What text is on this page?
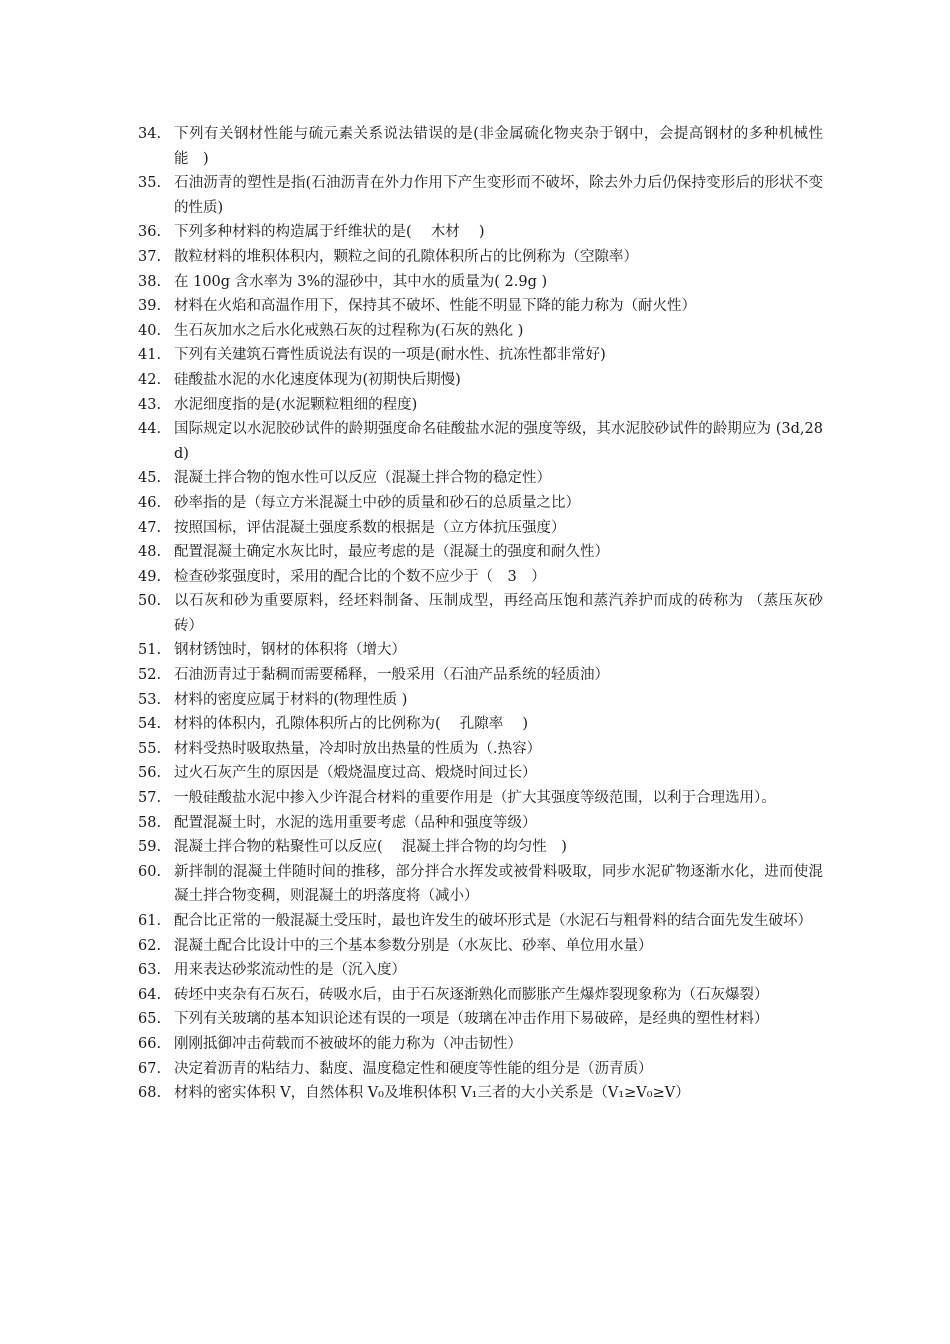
34. 下列有关钢材性能与硫元素关系说法错误的是(非金属硫化物夹杂于钢中，会提高钢材的多种机械性能　)
35. 石油沥青的塑性是指(石油沥青在外力作用下产生变形而不破坏，除去外力后仍保持变形后的形状不变的性质)
36. 下列多种材料的构造属于纤维状的是(　 木材　 )
37. 散粒材料的堆积体积内，颗粒之间的孔隙体积所占的比例称为（空隙率）
38. 在 100g 含水率为 3%的湿砂中，其中水的质量为( 2.9g )
39. 材料在火焰和高温作用下，保持其不破坏、性能不明显下降的能力称为（耐火性）
40. 生石灰加水之后水化戒熟石灰的过程称为(石灰的熟化 )
41. 下列有关建筑石膏性质说法有误的一项是(耐水性、抗冻性都非常好)
42. 硅酸盐水泥的水化速度体现为(初期快后期慢)
43. 水泥细度指的是(水泥颗粒粗细的程度)
44. 国际规定以水泥胶砂试件的龄期强度命名硅酸盐水泥的强度等级，其水泥胶砂试件的龄期应为 (3d,28d)
45. 混凝土拌合物的饱水性可以反应（混凝土拌合物的稳定性）
46. 砂率指的是（每立方米混凝土中砂的质量和砂石的总质量之比）
47. 按照国标，评估混凝土强度系数的根据是（立方体抗压强度）
48. 配置混凝土确定水灰比时，最应考虑的是（混凝土的强度和耐久性）
49. 检查砂浆强度时，采用的配合比的个数不应少于（　3　）
50. 以石灰和砂为重要原料，经坯料制备、压制成型，再经高压饱和蒸汽养护而成的砖称为 （蒸压灰砂砖）
51. 钢材锈蚀时，钢材的体积将（增大）
52. 石油沥青过于黏稠而需要稀释，一般采用（石油产品系统的轻质油）
53. 材料的密度应属于材料的(物理性质 )
54. 材料的体积内，孔隙体积所占的比例称为(　 孔隙率　 )
55. 材料受热时吸取热量，冷却时放出热量的性质为（.热容）
56. 过火石灰产生的原因是（煅烧温度过高、煅烧时间过长）
57. 一般硅酸盐水泥中掺入少许混合材料的重要作用是（扩大其强度等级范围，以利于合理选用）。
58. 配置混凝土时，水泥的选用重要考虑（品种和强度等级）
59. 混凝土拌合物的粘聚性可以反应(　 混凝土拌合物的均匀性　)
60. 新拌制的混凝土伴随时间的推移，部分拌合水挥发或被骨料吸取，同步水泥矿物逐渐水化，进而使混凝土拌合物变稠，则混凝土的坍落度将（减小）
61. 配合比正常的一般混凝土受压时，最也许发生的破坏形式是（水泥石与粗骨料的结合面先发生破坏）
62. 混凝土配合比设计中的三个基本参数分别是（水灰比、砂率、单位用水量）
63. 用来表达砂浆流动性的是（沉入度）
64. 砖坯中夹杂有石灰石，砖吸水后，由于石灰逐渐熟化而膨胀产生爆炸裂现象称为（石灰爆裂）
65. 下列有关玻璃的基本知识论述有误的一项是（玻璃在冲击作用下易破碎，是经典的塑性材料）
66. 刚刚抵御冲击荷载而不被破坏的能力称为（冲击韧性）
67. 决定着沥青的粘结力、黏度、温度稳定性和硬度等性能的组分是（沥青质）
68. 材料的密实体积 V，自然体积 V₀及堆积体积 V₁三者的大小关系是（V₁≥V₀≥V）
